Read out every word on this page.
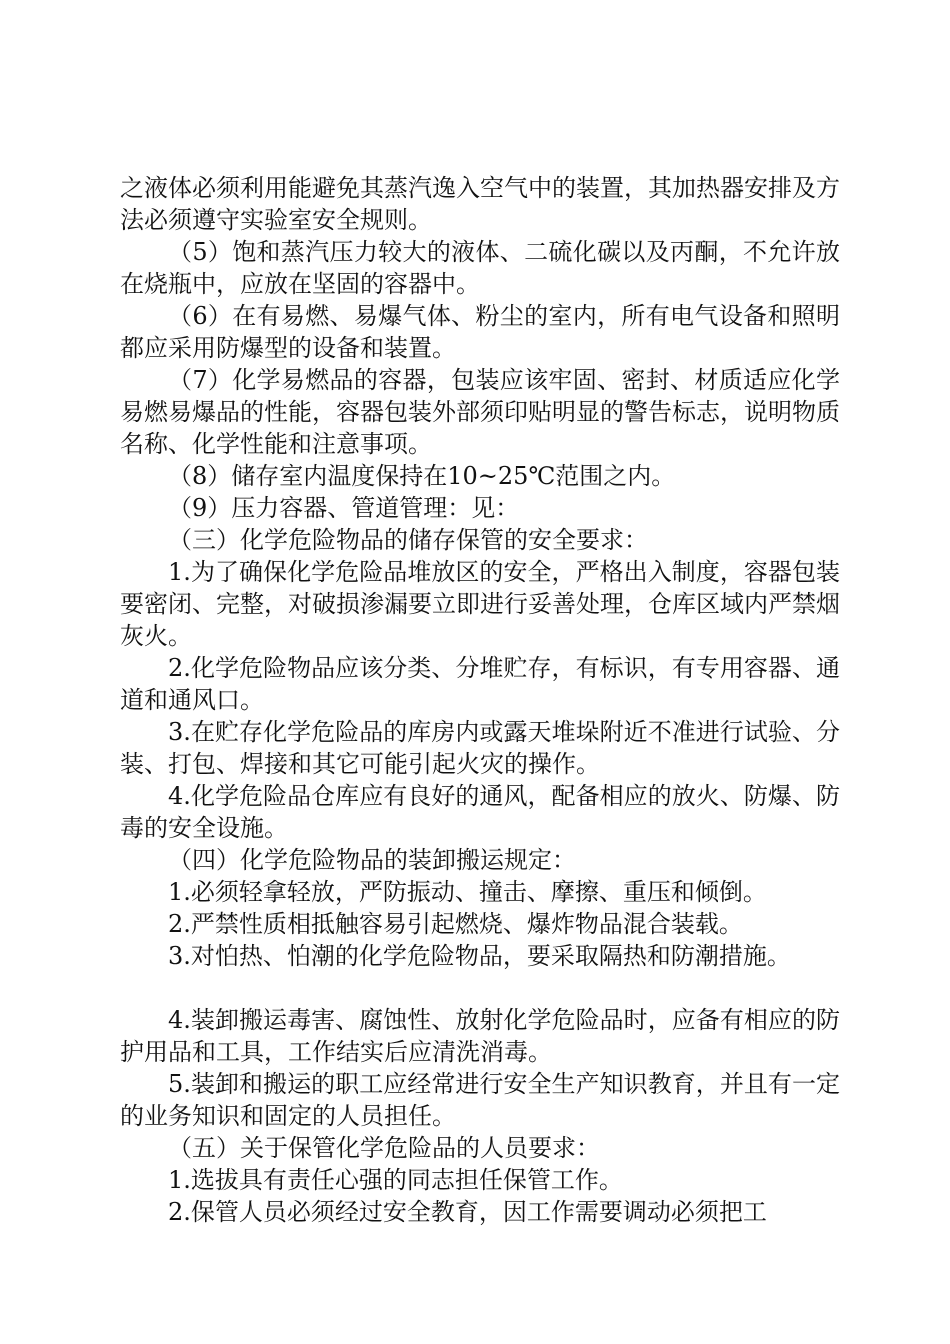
之液体必须利用能避免其蒸汽逸入空气中的装置，其加热器安排及方法必须遵守实验室安全规则。

（5）饱和蒸汽压力较大的液体、二硫化碳以及丙酮，不允许放在烧瓶中，应放在坚固的容器中。

（6）在有易燃、易爆气体、粉尘的室内，所有电气设备和照明都应采用防爆型的设备和装置。

（7）化学易燃品的容器，包装应该牢固、密封、材质适应化学易燃易爆品的性能，容器包装外部须印贴明显的警告标志，说明物质名称、化学性能和注意事项。

（8）储存室内温度保持在10~25℃范围之内。

（9）压力容器、管道管理：见：

（三）化学危险物品的储存保管的安全要求：

1.为了确保化学危险品堆放区的安全，严格出入制度，容器包装要密闭、完整，对破损渗漏要立即进行妥善处理，仓库区域内严禁烟灰火。

2.化学危险物品应该分类、分堆贮存，有标识，有专用容器、通道和通风口。

3.在贮存化学危险品的库房内或露天堆垛附近不准进行试验、分装、打包、焊接和其它可能引起火灾的操作。

4.化学危险品仓库应有良好的通风，配备相应的放火、防爆、防毒的安全设施。

（四）化学危险物品的装卸搬运规定：

1.必须轻拿轻放，严防振动、撞击、摩擦、重压和倾倒。

2.严禁性质相抵触容易引起燃烧、爆炸物品混合装载。

3.对怕热、怕潮的化学危险物品，要采取隔热和防潮措施。

4.装卸搬运毒害、腐蚀性、放射化学危险品时，应备有相应的防护用品和工具，工作结实后应清洗消毒。

5.装卸和搬运的职工应经常进行安全生产知识教育，并且有一定的业务知识和固定的人员担任。

（五）关于保管化学危险品的人员要求：

1.选拔具有责任心强的同志担任保管工作。

2.保管人员必须经过安全教育，因工作需要调动必须把工
